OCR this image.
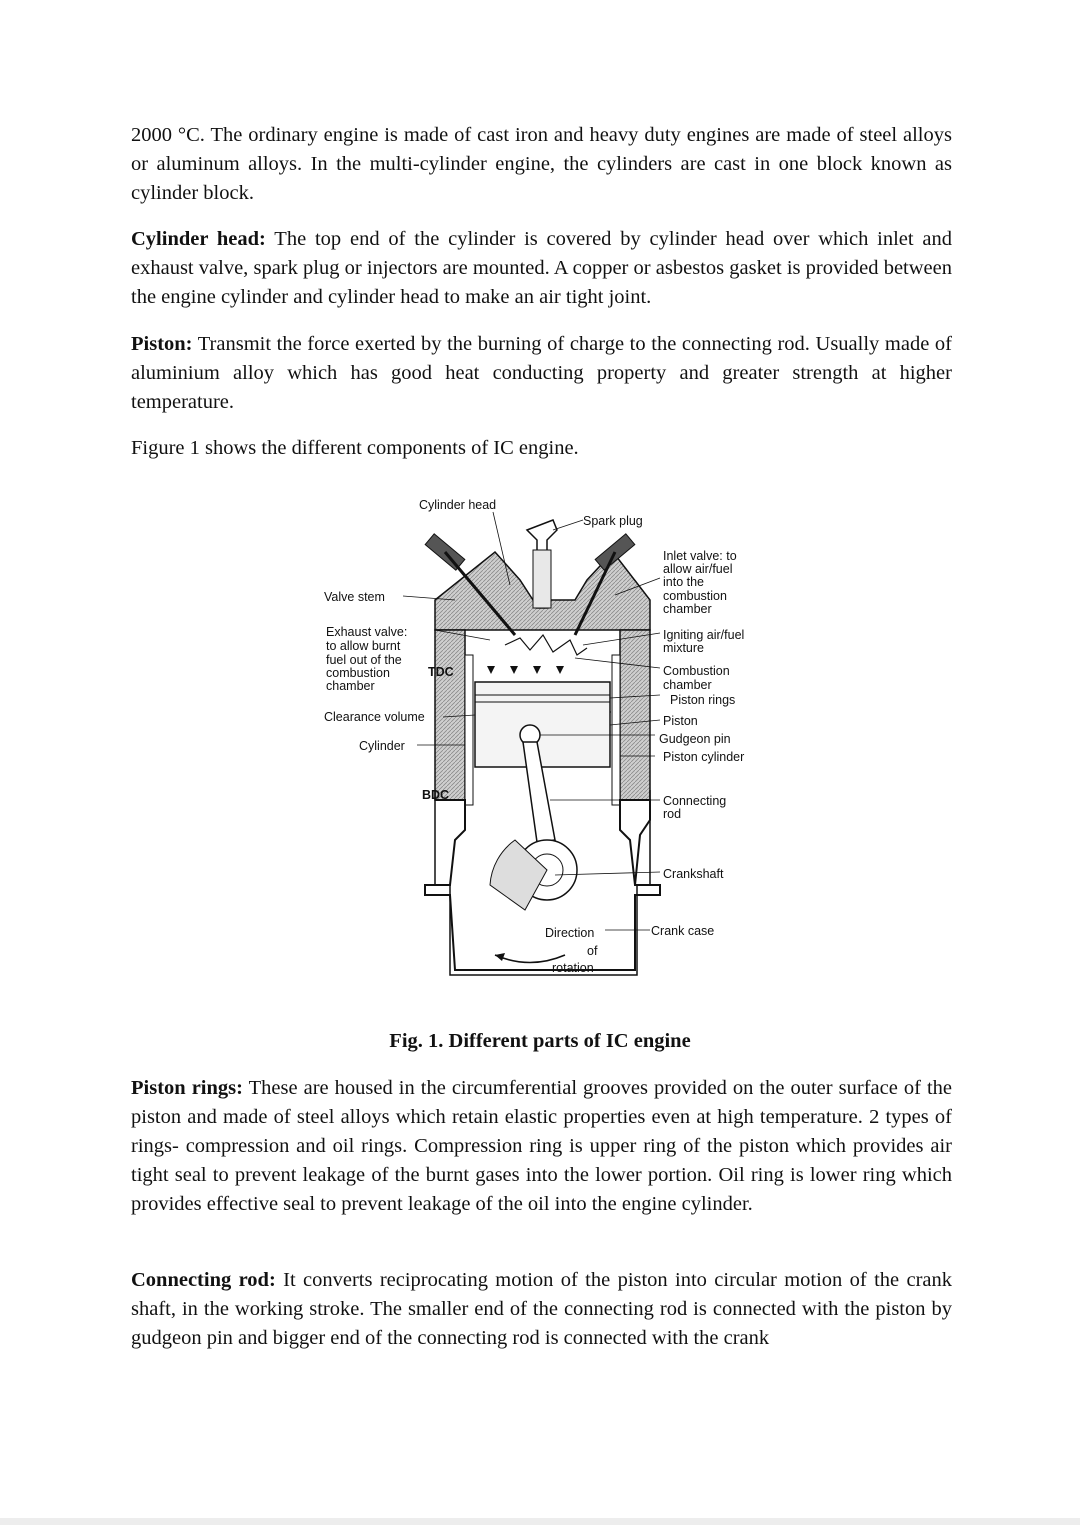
2000 °C. The ordinary engine is made of cast iron and heavy duty engines are made of steel alloys or aluminum alloys. In the multi-cylinder engine, the cylinders are cast in one block known as cylinder block.

Cylinder head: The top end of the cylinder is covered by cylinder head over which inlet and exhaust valve, spark plug or injectors are mounted. A copper or asbestos gasket is provided between the engine cylinder and cylinder head to make an air tight joint.

Piston: Transmit the force exerted by the burning of charge to the connecting rod. Usually made of aluminium alloy which has good heat conducting property and greater strength at higher temperature.

Figure 1 shows the different components of IC engine.

Cylinder head
Spark plug
Valve stem
Inlet valve: to
allow air/fuel
into the
combustion
chamber
Exhaust valve:
to allow burnt
fuel out of the
combustion
chamber
Igniting air/fuel
mixture
TDC	Combustion
chamber
Piston rings
Clearance volume	Piston
Gudgeon pin
Cylinder
Piston cylinder
BDC	Connecting
rod
Crankshaft
Crank case
Direction
of
rotation
Fig. 1. Different parts of IC engine

Piston rings: These are housed in the circumferential grooves provided on the outer surface of the piston and made of steel alloys which retain elastic properties even at high temperature. 2 types of rings- compression and oil rings. Compression ring is upper ring of the piston which provides air tight seal to prevent leakage of the burnt gases into the lower portion. Oil ring is lower ring which provides effective seal to prevent leakage of the oil into the engine cylinder.

Connecting rod: It converts reciprocating motion of the piston into circular motion of the crank shaft, in the working stroke. The smaller end of the connecting rod is connected with the piston by gudgeon pin and bigger end of the connecting rod is connected with the crank
